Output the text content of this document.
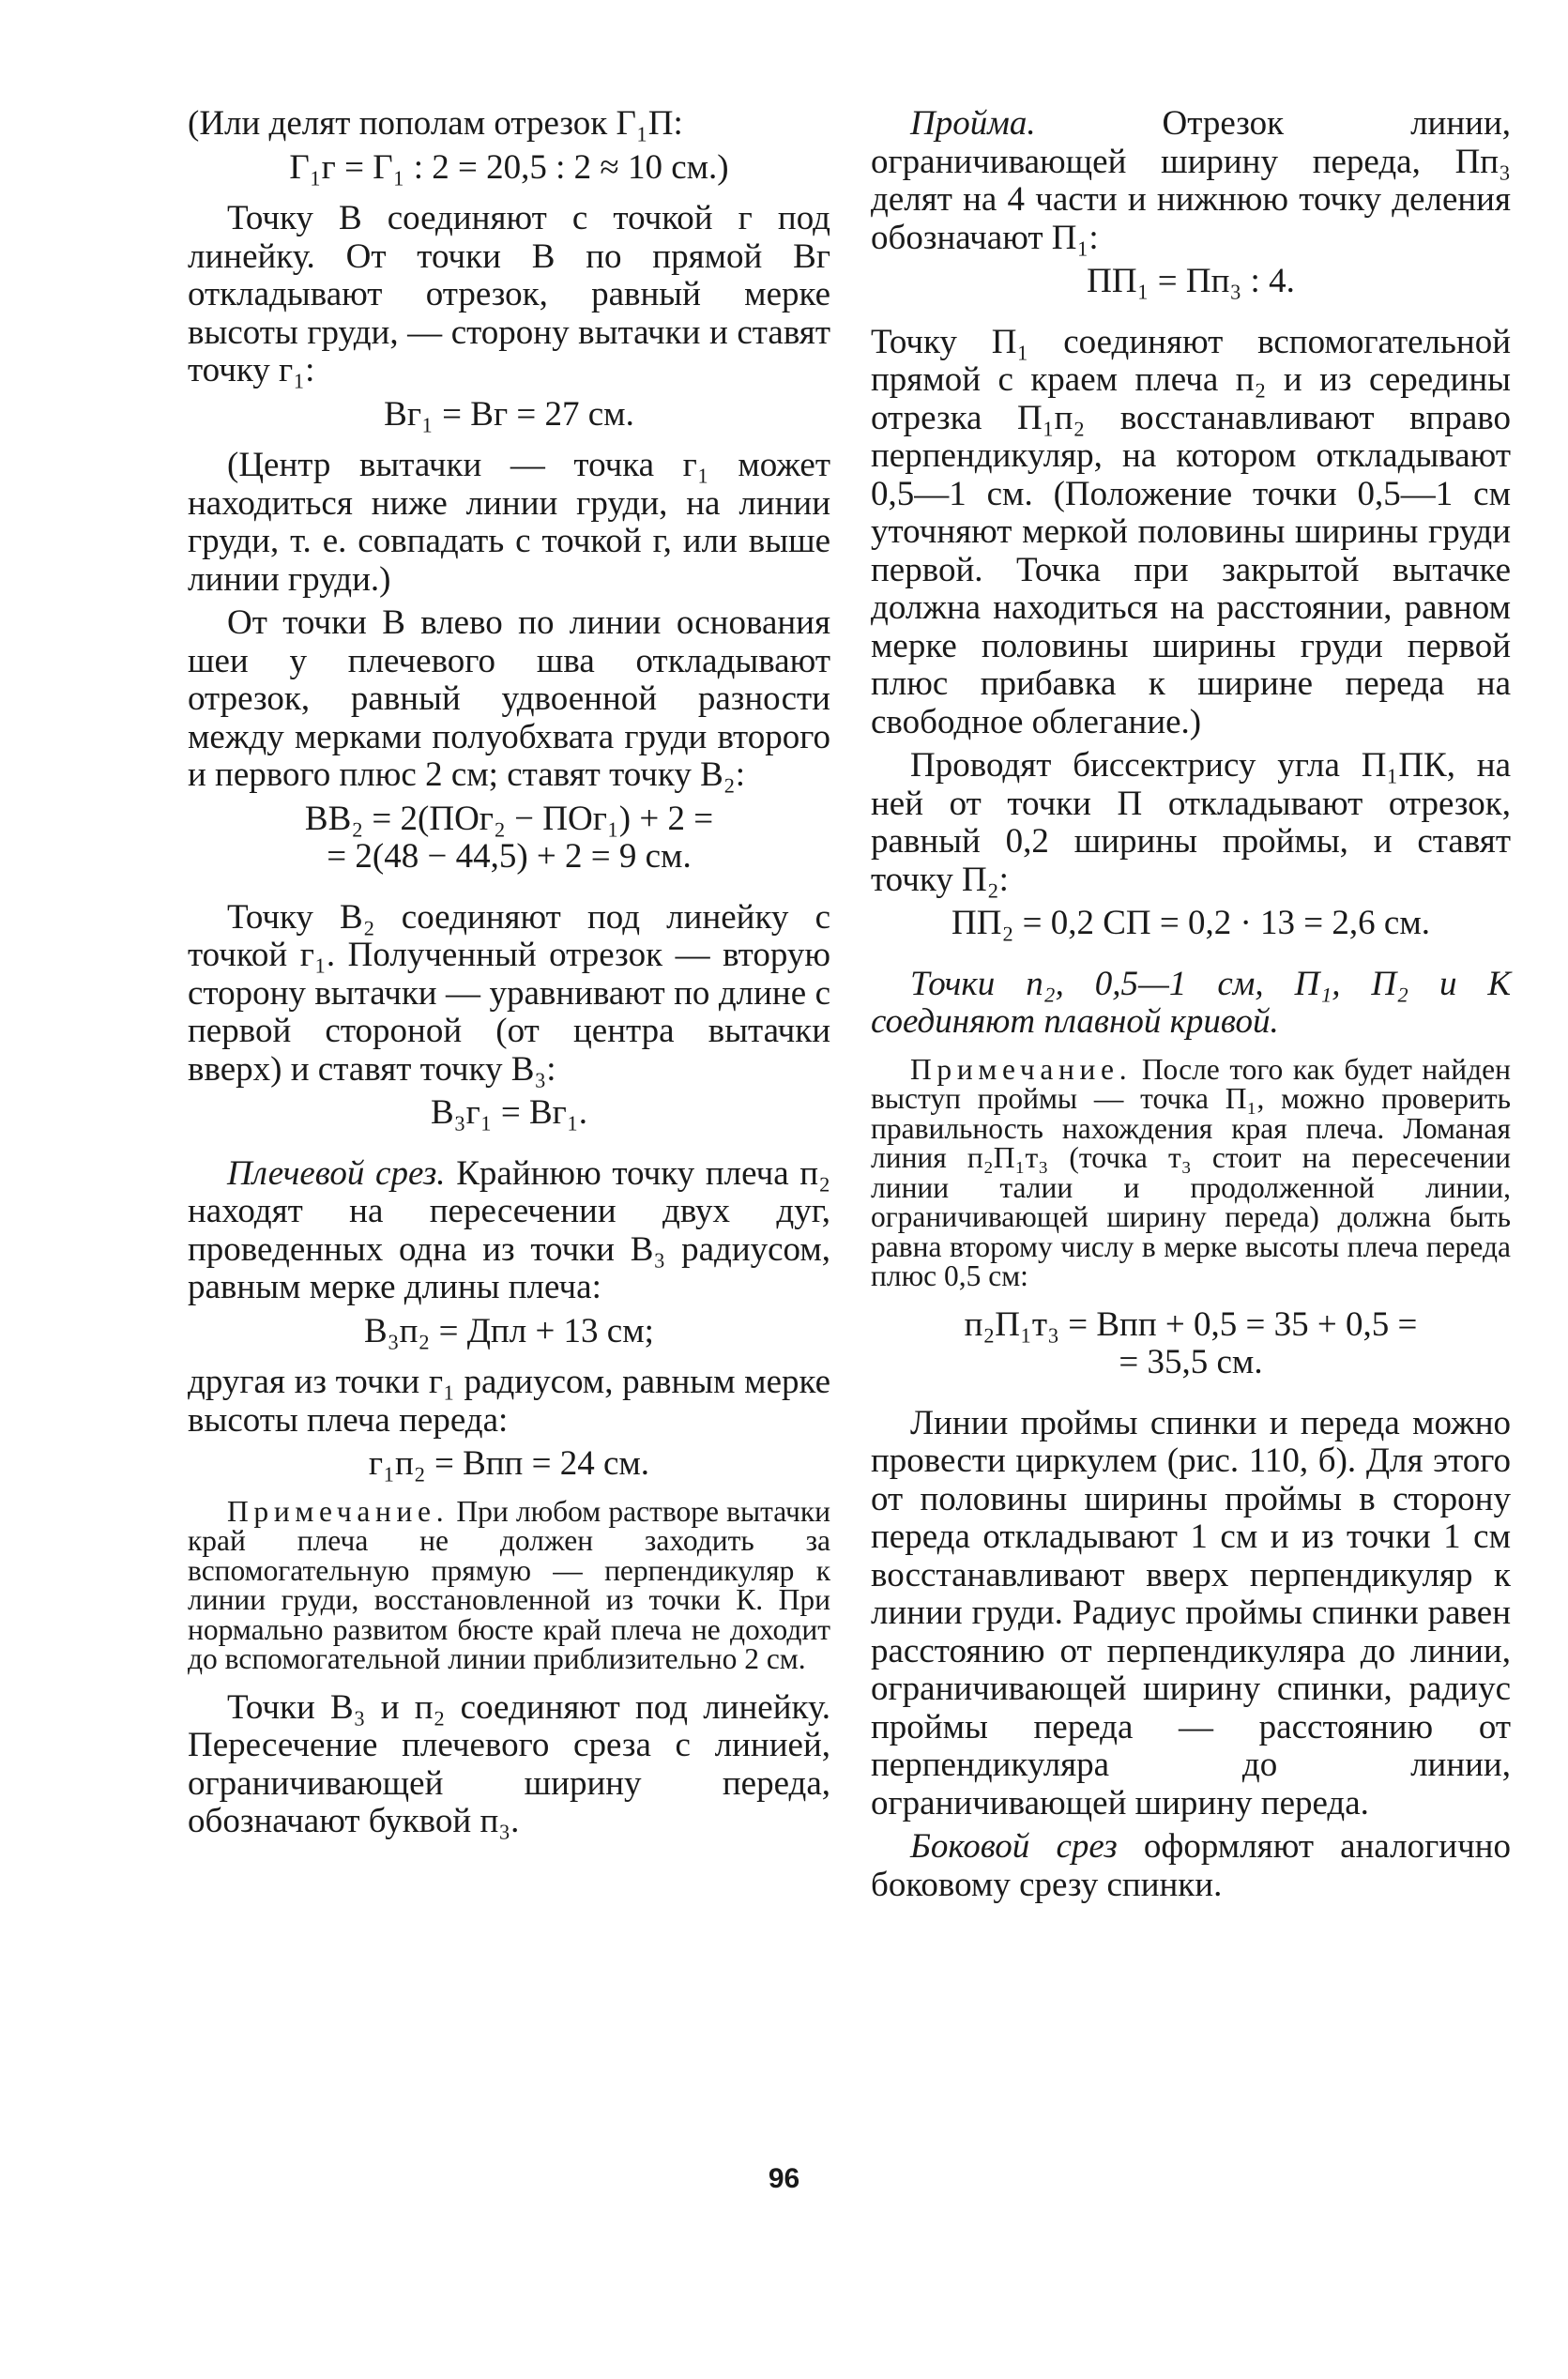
(Или делят пополам отрезок Г₁П:

Г₁г = Г₁ : 2 = 20,5 : 2 ≈ 10 см.)

Точку В соединяют с точкой г под линейку. От точки В по прямой Вг откладывают отрезок, равный мерке высоты груди, — сторону вытачки и ставят точку г₁:

Вг₁ = Вг = 27 см.

(Центр вытачки — точка г₁ может находиться ниже линии груди, на линии груди, т. е. совпадать с точкой г, или выше линии груди.)

От точки В влево по линии основания шеи у плечевого шва откладывают отрезок, равный удвоенной разности между мерками полуобхвата груди второго и первого плюс 2 см; ставят точку В₂:

ВВ₂ = 2(ПОг₂ − ПОг₁) + 2 =
= 2(48 − 44,5) + 2 = 9 см.

Точку В₂ соединяют под линейку с точкой г₁. Полученный отрезок — вторую сторону вытачки — уравнивают по длине с первой стороной (от центра вытачки вверх) и ставят точку В₃:

В₃г₁ = Вг₁.

Плечевой срез. Крайнюю точку плеча п₂ находят на пересечении двух дуг, проведенных одна из точки В₃ радиусом, равным мерке длины плеча:

В₃п₂ = Дпл + 13 см;

другая из точки г₁ радиусом, равным мерке высоты плеча переда:

г₁п₂ = Впп = 24 см.

Примечание. При любом раствоpe вытачки край плеча не должен заходить за вспомогательную прямую — перпендикуляр к линии груди, восстановленной из точки К. При нормально развитом бюсте край плеча не доходит до вспомогательной линии приблизительно 2 см.

Точки В₃ и п₂ соединяют под линейку. Пересечение плечевого среза с линией, ограничивающей ширину переда, обозначают буквой п₃.

Пройма. Отрезок линии, ограничивающей ширину переда, Пп₃ делят на 4 части и нижнюю точку деления обозначают П₁:

ПП₁ = Пп₃ : 4.

Точку П₁ соединяют вспомогательной прямой с краем плеча п₂ и из середины отрезка П₁п₂ восстанавливают вправо перпендикуляр, на котором откладывают 0,5—1 см. (Положение точки 0,5—1 см уточняют меркой половины ширины груди первой. Точка при закрытой вытачке должна находиться на расстоянии, равном мерке половины ширины груди первой плюс прибавка к ширине переда на свободное облегание.)

Проводят биссектрису угла П₁ПК, на ней от точки П откладывают отрезок, равный 0,2 ширины проймы, и ставят точку П₂:

ПП₂ = 0,2 СП = 0,2 · 13 = 2,6 см.

Точки п₂, 0,5—1 см, П₁, П₂ и К соединяют плавной кривой.

Примечание. После того как будет найден выступ проймы — точка П₁, можно проверить правильность нахождения края плеча. Ломаная линия п₂П₁т₃ (точка т₃ стоит на пересечении линии талии и продолженной линии, ограничивающей ширину переда) должна быть равна второму числу в мерке высоты плеча переда плюс 0,5 см:

п₂П₁т₃ = Впп + 0,5 = 35 + 0,5 =
= 35,5 см.

Линии проймы спинки и переда можно провести циркулем (рис. 110, б). Для этого от половины ширины проймы в сторону переда откладывают 1 см и из точки 1 см восстанавливают вверх перпендикуляр к линии груди. Радиус проймы спинки равен расстоянию от перпендикуляра до линии, ограничивающей ширину спинки, радиус проймы переда — расстоянию от перпендикуляра до линии, ограничивающей ширину переда.

Боковой срез оформляют аналогично боковому срезу спинки.

96
